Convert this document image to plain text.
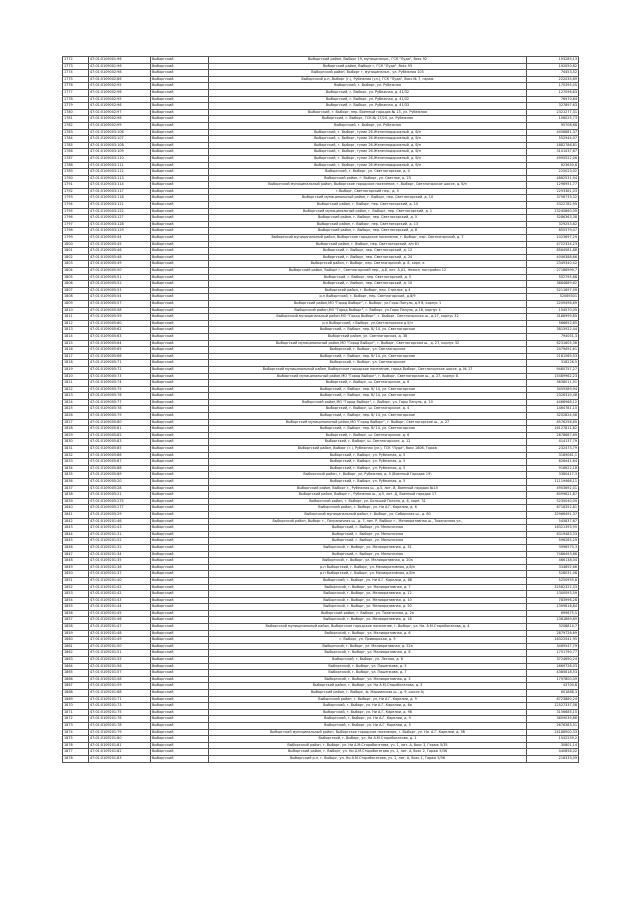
1772	47:01:0109001:96	Выборгский	Выборгский район, Выборг 19, муниципальн., ГСК "Луда", бокс 92	193289,13
1773	47:01:0109001:96	Выборгский	Выборгский район, Выборг г, ГСК "Луда", бокс 93	192050,62
1774	47:01:0109002:98	Выборгский	Выборгский район, Выборг г, муниципальн., ул. Рубежная 103	74453,52
1775	47:01:0109002:86	Выборгский	Выборгский р-н, Выборг (г.), Рубежная (ул.), ГСК "Луда", бокс № 7, гараж	222035,89
1776	47:01:0109002:95	Выборгский	Выборгский, г. Выборг, ул. Рубежная	170395,05
1777	47:01:0109002:96	Выборгский	Выборгский, г. Выборг, ул. Рубежная, д. 41/32	127096,63
1778	47:01:0109002:95	Выборгский	Выборгский, г. Выборг, ул. Рубежная, д. 41/32	76970,84
1779	47:01:0109002:96	Выборгский	Выборгский, г. Выборг, ул. Рубежная, д. 41/33	327897,63
1780	47:01:0109002:97	Выборгский	Выборгский, г. Выборг, пер. Военный городок № 15, ул. Рубежная	2321277,31
1781	47:01:0109002:98	Выборгский	Выборгский, г. Выборг, ГСК № 17/20, ул. Рубежная	106025,73
1782	47:01:0109002:99	Выборгский	Выборгский, г. Выборг, ул. Рубежная	95708,68
1783	47:01:0109003:106	Выборгский	Выборгский, г. Выборг, тупик 26-Железнодорожный, д. б/н	4456881,37
1784	47:01:0109003:107	Выборгский	Выборгский, г. Выборг, тупик 26-Железнодорожный, д. б/н	552944,07
1785	47:01:0109003:108	Выборгский	Выборгский, г. Выборг, тупик 26-Железнодорожный, д. б/н	1882786,81
1786	47:01:0109003:109	Выборгский	Выборгский, г. Выборг, тупик 26-Железнодорожный, д. б/н	3101037,67
1787	47:01:0109003:110	Выборгский	Выборгский, г. Выборг, тупик 26-Железнодорожный, д. б/н	4995522,06
1788	47:01:0109003:111	Выборгский	Выборгский, г. Выборг, тупик 26-Железнодорожный, д. б/н	623650,6
1789	47:01:0109003:112	Выборгский	Выборгский, г. Выборг, ул. Светлогорское, д. 4	225023,02
1790	47:01:0109003:113	Выборгский	Выборгский район, г. Выборг, ул. Светлое, д. 23	4862531,94
1791	47:01:0109003:114	Выборгский	Выборгский муниципальный район, Выборгское городское поселение, г. Выборг, Светлогорское шоссе, д. б/н	1296951,77
1792	47:01:0109003:117	Выборгский	г.Выборг, Светлогорский пер., д. 5	2293381,03
1793	47:01:0109003:118	Выборгский	Выборгский муниципальный район, г. Выборг, пер. Светлогорский, д. 10	3756733,32
1794	47:01:0109003:121	Выборгский	Выборгский район, г. Выборг, пер. Светлогорский, д. 10	5322782,95
1795	47:01:0109003:122	Выборгский	Выборгский муниципальный район, г. Выборг, пер. Светлогорский, д. 1	13245860,09
1796	47:01:0109003:127	Выборгский	Выборгский район, г. Выборг, пер. Светлогорский, д. 5	5286363,38
1797	47:01:0109003:128	Выборгский	Выборгский район, г. Выборг, пер. Светлогорский, д. 13	329253,82
1798	47:01:0109003:129	Выборгский	Выборгский район, г. Выборг, пер. Светлогорский, д. 8	855379,07
1799	47:01:0109005:44	Выборгский	Выборгский муниципальный район, Выборгское городское поселение, г. Выборг, пер. Светлогорский, д. 7	1023697,29
1800	47:01:0109005:45	Выборгский	Выборгский район, г. Выборг, пер. Светлогорский, л/н 81	4722324,23
1801	47:01:0109005:46	Выборгский	Выборгский, г. Выборг, пер. Светлогорский, д. 12	8564581,88
1802	47:01:0109005:48	Выборгский	Выборгский, г. Выборг, пер. Светлогорский, д. 24	4006388,66
1803	47:01:0109005:49	Выборгский	Выборгский район, г. Выборг, пер. Светлогорский, д. 8, корп. а	2349340,42
1804	47:01:0109005:50	Выборгский	Выборгский район, Выборг г., Светлогорский пер., д.8, лит. А,А1, Нежил. постройки 12	27186999,7
1805	47:01:0109005:51	Выборгский	Выборгский, г. Выборг, пер. Светлогорский, д. 5	552795,88
1806	47:01:0109005:52	Выборгский	Выборгский, г. Выборг, пер. Светлогорский, д. 10	3664889,62
1807	47:01:0109005:53	Выборгский	Выборгский район, г. Выборг, пер. Стрелок, д.4	5211697,09
1808	47:01:0109005:54	Выборгский	р-н Выборгский, г. Выборг, пер. Светлогорский, д.8/9	52069301
1809	47:01:0109005:57	Выборгский	Выборгский район,МО "Город Выборг", г. Выборг, ул.Горы Папуль, д.9 б, корпус 1	2209496,69
1810	47:01:0109005:58	Выборгский	Выборгский район,МО "Город Выборг", г. Выборг, ул.Горы Папуль, д.16, корпус 4	154570,05
1811	47:01:0109005:59	Выборгский	Выборгский муниципальный район,МО "Город Выборг", г. Выборг, Светлогорская ш., д.27, корпус 32	3188999,85
1812	47:01:0109005:60	Выборгский	р-н Выборгский, г.Выборг, ул.Светлогорская д.5/н	566652,65
1813	47:01:0109005:62	Выборгский	Выборгский, г. Выборг, пер. б/ 14, ул. Светлогорское	3815922,44
1814	47:01:0109005:63	Выборгский	Выборгский район, ул. Светлогорская, д. 38	794051,3
1815	47:01:0109005:64	Выборгский	Выборгский муниципальный район,МО "Город Выборг", г. Выборг, Светлогорская ш., д. 27, корпус 32	6231605,36
1816	47:01:0109005:65	Выборгский	Выборгский, г. Выборг, ул. Светлогорское	2479491,61
1817	47:01:0109005:66	Выборгский	Выборгский, г. Выборг, пер. б/ 14, ул. Светлогорское	2161569,53
1818	47:01:0109005:71	Выборгский	Выборгский, г. Выборг, ул. Светлогорское	318226,5
1819	47:01:0109005:72	Выборгский	Выборгский муниципальный район, Выборгское городское поселение, город Выборг, Светлогорское шоссе, д. № 17	9485757,27
1820	47:01:0109005:73	Выборгский	Выборгский муниципальный район,МО "Город Выборг", г. Выборг, Светлогорское ш., д. 27, корпус 8	15489962,23
1821	47:01:0109005:74	Выборгский	Выборгский, г. Выборг, ш. Светлогорское, д. 6	3638011,91
1822	47:01:0109005:75	Выборгский	Выборгский, г. Выборг, пер. б/ 14, ул. Светлогорское	3459389,94
1823	47:01:0109005:76	Выборгский	Выборгский, г. Выборг, пер. б/ 14, ул. Светлогорское	2326319,48
1824	47:01:0109005:77	Выборгский	Выборгский район,МО "Город Выборг", г. Выборг, ул. Горы Папуль, д. 10	4468968,12
1825	47:01:0109005:78	Выборгский	Выборгский, г. Выборг, ш. Светлогорское, д. 4	1464781,15
1826	47:01:0109005:79	Выборгский	Выборгский, г. Выборг, пер. б/ 14, ул. Светлогорское	3202824,08
1827	47:01:0109005:80	Выборгский	Выборгский муниципальный район,МО "Город Выборг", г. Выборг, Светлогорское ш., д. 27	8576256,65
1828	47:01:0109005:81	Выборгский	Выборгский, г. Выборг, пер. б/ 14, ул. Светлогорское	16127811,82
1829	47:01:0109005:82	Выборгский	Выборгский, г. Выборг, ш. Светлогорское, д. 6	2878687,69
1830	47:01:0109005:83	Выборгский	Выборгский, г. Выборг, ш. Светлогорское, д. 12	414137,79
1831	47:01:0109005:85	Выборгский	Выборгский район, Выборг (г.), Рубежная (ул.), ГСК "Луда", бокс 1806, Гараж	232473,79
1832	47:01:0109005:86	Выборгский	Выборгский, г. Выборг, ул. Рубежная, д. 5	3189061,1
1833	47:01:0109005:87	Выборгский	Выборгский, г. Выборг, ул. Рубежная, д. 5	626441,64
1834	47:01:0109005:88	Выборгский	Выборгский, г. Выборг, ул. Рубежная, д. 5	916622,18
1835	47:01:0109005:89	Выборгский	Выборгский район, г. Выборг, ул. Рубежная, д. 5 (Военный Городок 19)	3380417,3
1836	47:01:0109005:20	Выборгский	Выборгский, г. Выборг, ул. Рубежная, д. 5	11119466,11
1837	47:01:0109005:28	Выборгский	Выборгский район, Выборг г., Рубежная ш., д.5, лит. И, Военный городок №15	4903692,01
1838	47:01:0109005:21	Выборгский	Выборгский район, Выборг г., Рубежная ш., д.5, лит. Д, Военный городок 17	6099621,87
1839	47:01:0109005:275	Выборгский	Выборгский район, г. Выборг, ул. Большой Погоня, д. 6, корп. 31	5235040,09
1840	47:01:0109005:277	Выборгский	Выборгский район, г. Выборг, ул. Ни А.Г. Карелии, д. 6	6716352,81
1841	47:01:0109005:29	Выборгский	Выборгский муниципальный район, г. Выборг, ул. Сибирская ш., д. 80	32966491,37
1842	47:01:0109201:46	Выборгский	Выборгский район, Выборг г., Пограничная ш., д. 7, лит. Р, Выборг г., Мелиоративная ш., Тиханочная ул.,	545837,67
1843	47:01:0109201:43	Выборгский	Выборгский, г. Выборг, ул. Мельничная	16321393,95
1844	47:01:0109201:31	Выборгский	Выборгский, г. Выборг, ул. Мельничная	6319483,33
1845	47:01:0109201:52	Выборгский	Выборгский, г. Выборг, ул. Мельничная	596285,29
1846	47:01:0109201:32	Выборгский	Выборгский, г. Выборг, ул. Мелиоративная, д. 31	3996570,3
1847	47:01:0109201:34	Выборгский	Выборгский, г. Выборг, ул. Мельничная	7486493,86
1848	47:01:0109201:35	Выборгский	Выборгский, г. Выборг, ул. Мелиоративная, д. 20а	466138,04
1849	47:01:0109201:36	Выборгский	р-н Выборгский, г. Выборг, ул. Мелиоративная, д.б/н	334892,66
1850	47:01:0109201:37	Выборгский	р-н Выборгский, г. Выборг, ул. Мелиоративная, д.б/н	528031,08
1851	47:01:0109201:40	Выборгский	Выборгский, г. Выборг, ул. Ни А.Г. Карелии, д. 6б	5250955,6
1852	47:01:0109201:42	Выборгский	Выборгский, г. Выборг, ул. Мелиоративная, д. 7	32562322,33
1853	47:01:0109201:42	Выборгский	Выборгский, г. Выборг, ул. Мелиоративная, д. 12	1300093,59
1854	47:01:0109201:43	Выборгский	Выборгский, г. Выборг, ул. Мелиоративная, д. 10	783996,28
1855	47:01:0109201:44	Выборгский	Выборгский, г. Выборг, ул. Мелиоративная, д. 20	1399816,84
1856	47:01:0109201:45	Выборгский	Выборгский район, г. Выборг, ул. Тиханочная, д. 2а	699675,5
1857	47:01:0109201:46	Выборгский	Выборгский, г. Выборг, ул. Мелиоративная, д. 18	1361869,69
1858	47:01:0109201:47	Выборгский	Выборгский муниципальный район, Выборгское городское поселение, г. Выборг, ул. Ни. А.М.Сторобогатова, д. 4	3208814,7
1859	47:01:0109201:48	Выборгский	Выборгский, г. Выборг, ул. Мелиоративная, д. 6	2879726,69
1860	47:01:0109201:49	Выборгский	г. Выборг, ул. Приморская, д. 9	16322041,95
1861	47:01:0109201:50	Выборгский	Выборгский, г. Выборг, ул. Мелиоративная, д. 22а	3469547,79
1862	47:01:0109201:51	Выборгский	Выборгский, г. Выборг, ул. Мелиоративная, д. 8	1701790,77
1863	47:01:0109201:55	Выборгский	Выборгский, г. Выборг, ул. Лесная, д. 6	3724690,24
1864	47:01:0109201:56	Выборгский	Выборгский, г. Выборг, ул. Пашенкова, д. 5	2669726,03
1865	47:01:0109201:57	Выборгский	Выборгский, г. Выборг, ул. Пашенкова, д. 7	4385818,53
1866	47:01:0109201:58	Выборгский	Выборгский, г. Выборг, ул. Мелиоративная, д. 3	1797800,09
1867	47:01:0109201:59	Выборгский	Выборгский район, г. Выборг, ул. Ни А.М.Сторобогатова, д. 3	43700,6
1868	47:01:0109201:68	Выборгский	Выборгский район, г. Выборг, ф. Мариинская ш., д. 9, шоссе А/	601888,3
1869	47:01:0109201:71	Выборгский	Выборгский район, г. Выборг, ул. Ни А.Г. Карелии, д. 9	6723880,24
1870	47:01:0109201:73	Выборгский	Выборгский, г. Выборг, ул. Ни А.Г. Карелии, д. 6а	12527337,08
1871	47:01:0109201:75	Выборгский	Выборгский, г. Выборг, ул. Ни А.Г. Карелии, д. 9б	3156685,15
1872	47:01:0109201:76	Выборгский	Выборгский, г. Выборг, ул. Ни А.Г. Карелии, д. 9	3659039,86
1873	47:01:0109201:78	Выборгский	Выборгский, г. Выборг, ул. Ни А.Г. Карелии, д. 5	2676383,51
1874	47:01:0109201:79	Выборгский	Выборгский муниципальный район, Выборгское городское поселение, г. Выборг, ул. Ни. А.Г. Карелии, д. 5б	24188900,33
1875	47:01:0109201:80	Выборгский	Выборгский, г. Выборг, ул. Ни А.М.Сторобогатова, д. 1	1542259,2
1876	47:01:0109201:81	Выборгский	Выборгский район, г. Выборг, ул. Ни А.М.Сторобогатова, уч. 1, лит. А, бокс 3, Гараж 5/35	30801,14
1877	47:01:0109201:82	Выборгский	Выборгский район, г. Выборг, ул. Ни А.М.Сторобогатова уч. 1, лит. А, бокс 2, Гараж 5/36	440858,02
1878	47:01:0109201:83	Выборгский	Выборгский р-н, г. Выборг, ул. Ни А.М.Сторобогатова, уч. 1, лит. А, бокс 1, Гараж 5/36	218333,09
